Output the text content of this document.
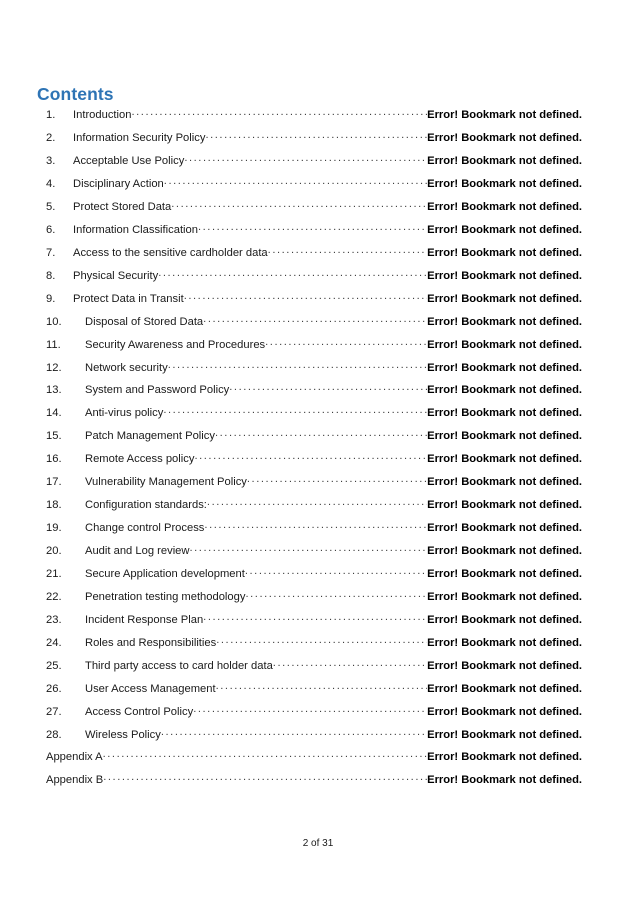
Contents
1.	Introduction .....	Error! Bookmark not defined.
2.	Information Security Policy .....	Error! Bookmark not defined.
3.	Acceptable Use Policy .....	Error! Bookmark not defined.
4.	Disciplinary Action .....	Error! Bookmark not defined.
5.	Protect Stored Data .....	Error! Bookmark not defined.
6.	Information Classification .....	Error! Bookmark not defined.
7.	Access to the sensitive cardholder data .....	Error! Bookmark not defined.
8.	Physical Security .....	Error! Bookmark not defined.
9.	Protect Data in Transit .....	Error! Bookmark not defined.
10.	Disposal of Stored Data .....	Error! Bookmark not defined.
11.	Security Awareness and Procedures .....	Error! Bookmark not defined.
12.	Network security .....	Error! Bookmark not defined.
13.	System and Password Policy .....	Error! Bookmark not defined.
14.	Anti-virus policy .....	Error! Bookmark not defined.
15.	Patch Management Policy .....	Error! Bookmark not defined.
16.	Remote Access policy .....	Error! Bookmark not defined.
17.	Vulnerability Management Policy .....	Error! Bookmark not defined.
18.	Configuration standards: .....	Error! Bookmark not defined.
19.	Change control Process .....	Error! Bookmark not defined.
20.	Audit and Log review .....	Error! Bookmark not defined.
21.	Secure Application development .....	Error! Bookmark not defined.
22.	Penetration testing methodology .....	Error! Bookmark not defined.
23.	Incident Response Plan .....	Error! Bookmark not defined.
24.	Roles and Responsibilities .....	Error! Bookmark not defined.
25.	Third party access to card holder data .....	Error! Bookmark not defined.
26.	User Access Management .....	Error! Bookmark not defined.
27.	Access Control Policy .....	Error! Bookmark not defined.
28.	Wireless Policy .....	Error! Bookmark not defined.
Appendix A .....	Error! Bookmark not defined.
Appendix B .....	Error! Bookmark not defined.
2 of 31
